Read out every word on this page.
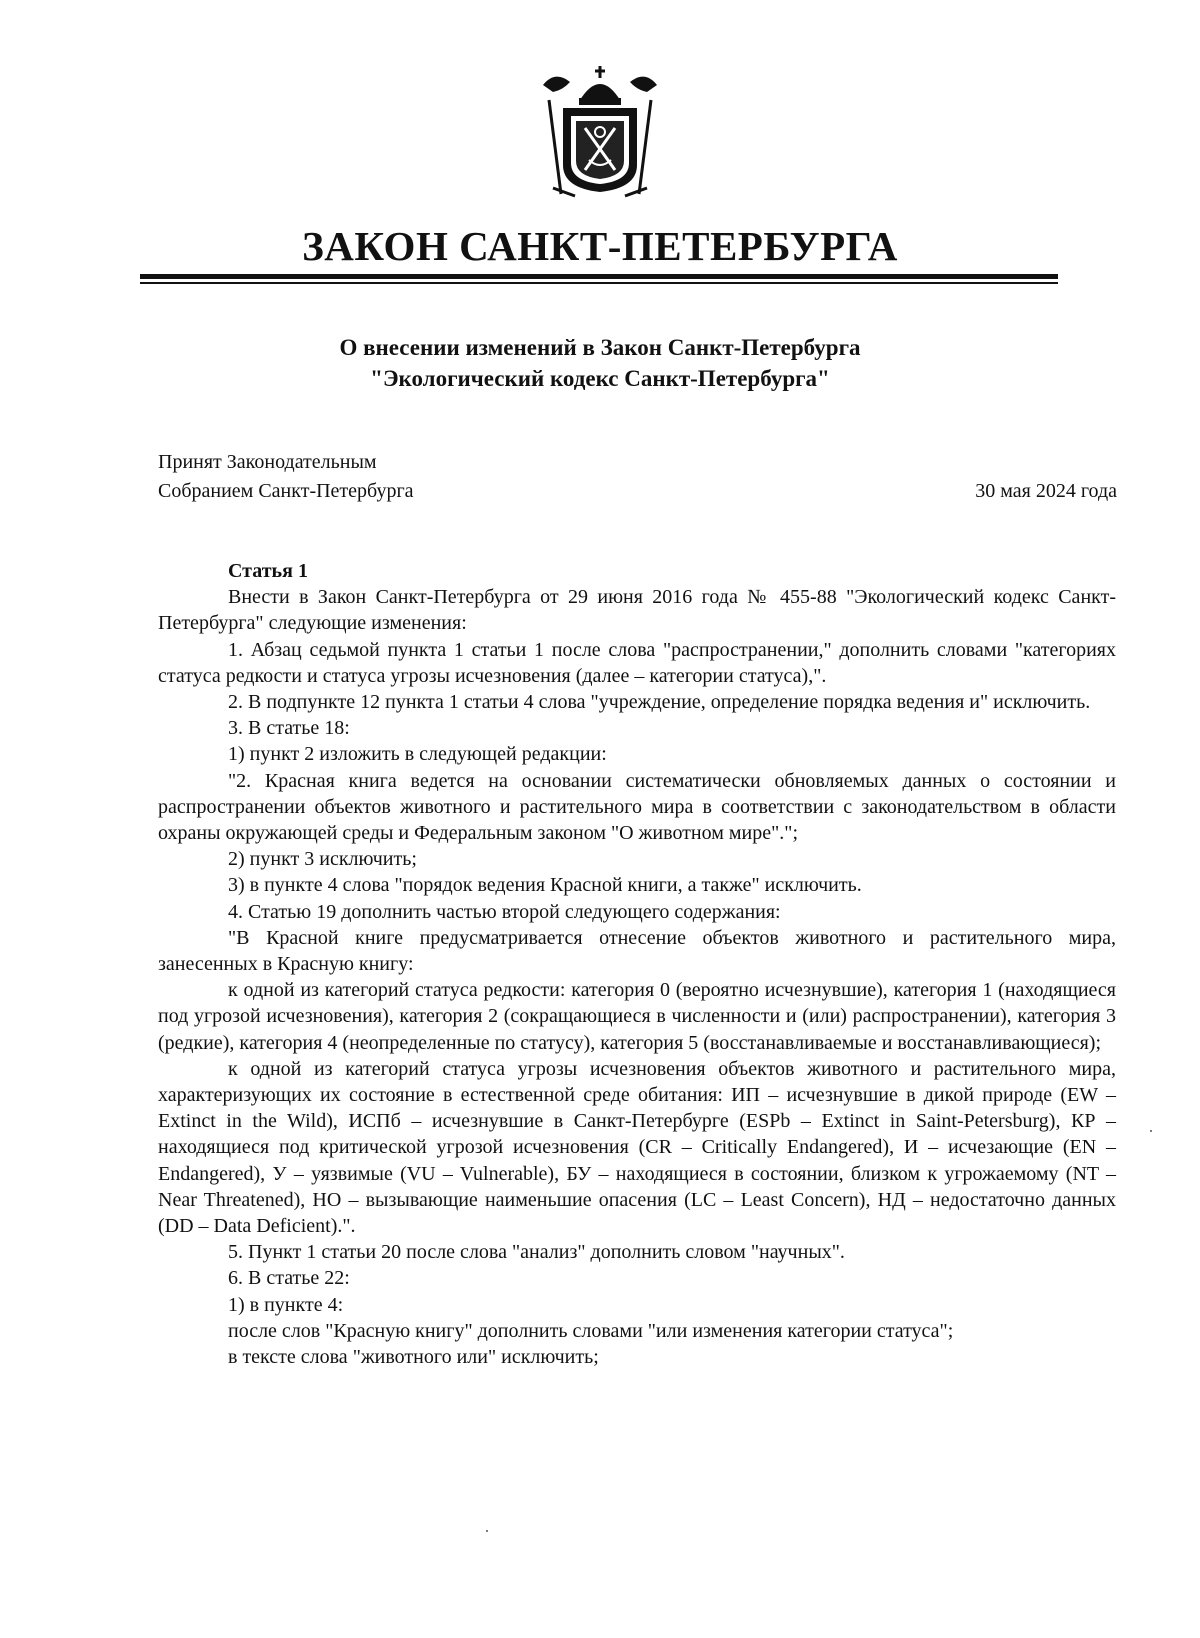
ЗАКОН САНКТ-ПЕТЕРБУРГА
О внесении изменений в Закон Санкт-Петербурга
"Экологический кодекс Санкт-Петербурга"
Принят Законодательным
Собранием Санкт-Петербурга	30 мая 2024 года

Статья 1

Внести в Закон Санкт-Петербурга от 29 июня 2016 года № 455-88 "Экологический кодекс Санкт-Петербурга" следующие изменения:

1. Абзац седьмой пункта 1 статьи 1 после слова "распространении," дополнить словами "категориях статуса редкости и статуса угрозы исчезновения (далее – категории статуса),".

2. В подпункте 12 пункта 1 статьи 4 слова "учреждение, определение порядка ведения и" исключить.

3. В статье 18:

1) пункт 2 изложить в следующей редакции:

"2. Красная книга ведется на основании систематически обновляемых данных о состоянии и распространении объектов животного и растительного мира в соответствии с законодательством в области охраны окружающей среды и Федеральным законом "О животном мире".";

2) пункт 3 исключить;

3) в пункте 4 слова "порядок ведения Красной книги, а также" исключить.

4. Статью 19 дополнить частью второй следующего содержания:

"В Красной книге предусматривается отнесение объектов животного и растительного мира, занесенных в Красную книгу:

к одной из категорий статуса редкости: категория 0 (вероятно исчезнувшие), категория 1 (находящиеся под угрозой исчезновения), категория 2 (сокращающиеся в численности и (или) распространении), категория 3 (редкие), категория 4 (неопределенные по статусу), категория 5 (восстанавливаемые и восстанавливающиеся);

к одной из категорий статуса угрозы исчезновения объектов животного и растительного мира, характеризующих их состояние в естественной среде обитания: ИП – исчезнувшие в дикой природе (EW – Extinct in the Wild), ИСПб – исчезнувшие в Санкт-Петербурге (ESPb – Extinct in Saint-Petersburg), КР – находящиеся под критической угрозой исчезновения (CR – Critically Endangered), И – исчезающие (EN – Endangered), У – уязвимые (VU – Vulnerable), БУ – находящиеся в состоянии, близком к угрожаемому (NT – Near Threatened), НО – вызывающие наименьшие опасения (LC – Least Concern), НД – недостаточно данных (DD – Data Deficient).".

5. Пункт 1 статьи 20 после слова "анализ" дополнить словом "научных".

6. В статье 22:

1) в пункте 4:

после слов "Красную книгу" дополнить словами "или изменения категории статуса";

в тексте слова "животного или" исключить;
